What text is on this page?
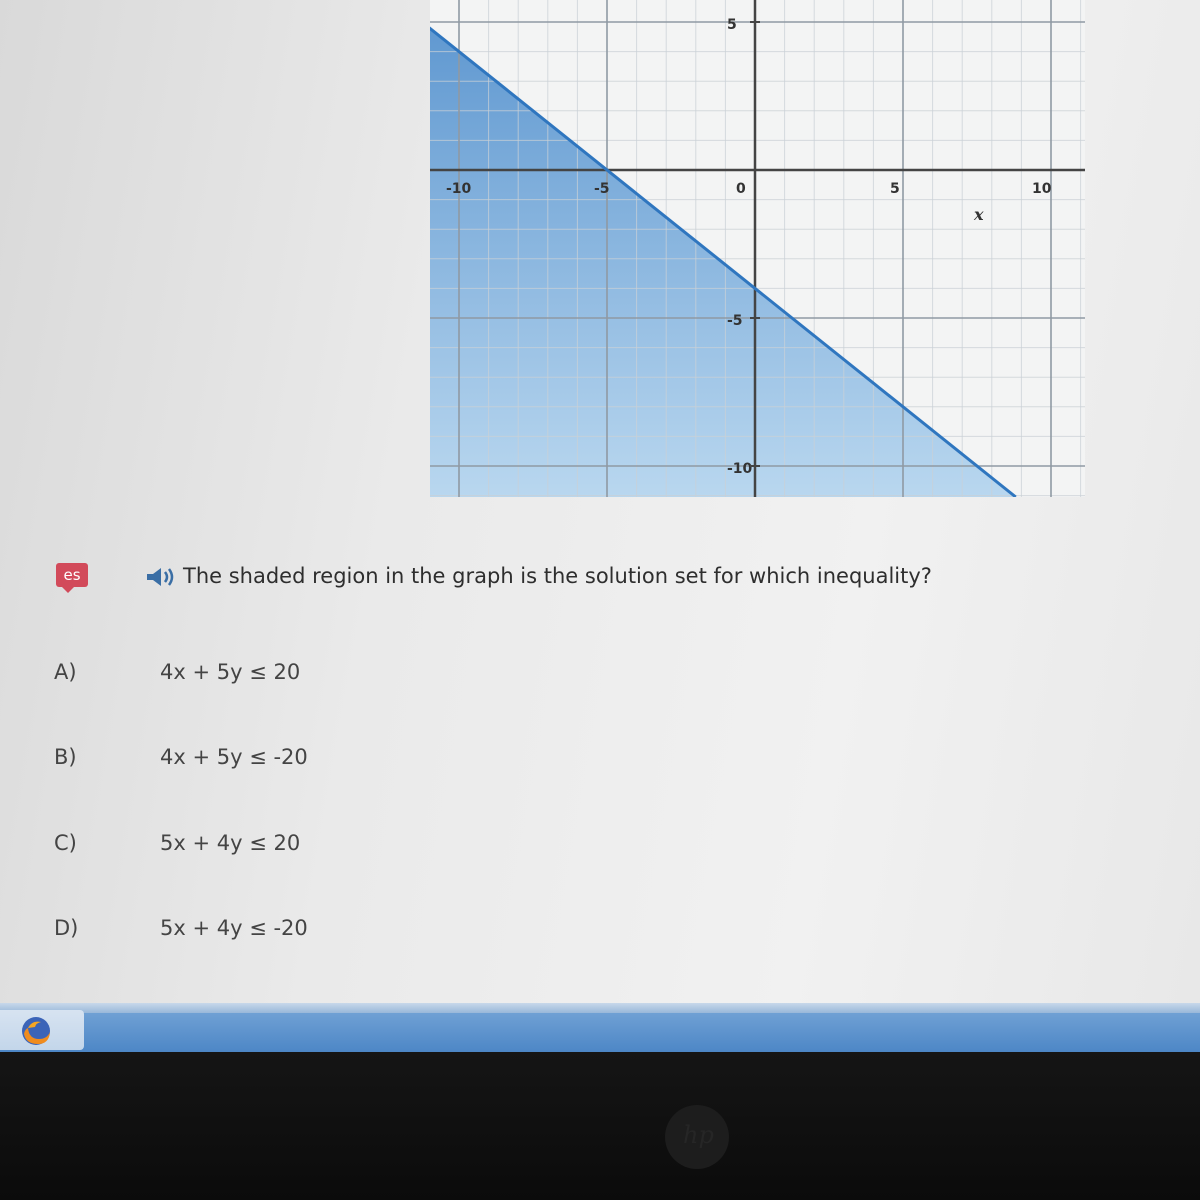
-10	-5	0	5	10
5
-5
-10
x
es	The shaded region in the graph is the solution set for which inequality?
A)	4x + 5y ≤ 20
B)	4x + 5y ≤ -20
C)	5x + 4y ≤ 20
D)	5x + 4y ≤ -20
hp
